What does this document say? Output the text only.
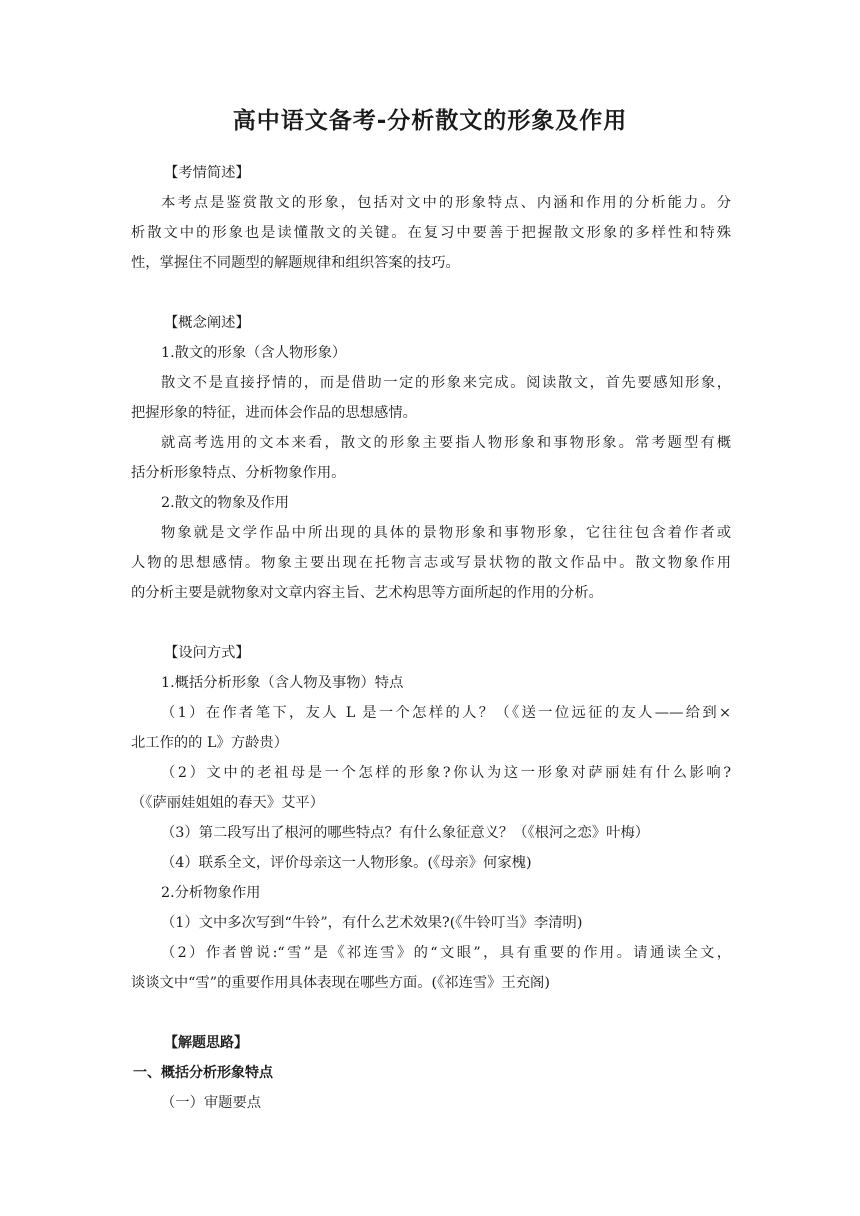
高中语文备考-分析散文的形象及作用
【考情简述】
本考点是鉴赏散文的形象，包括对文中的形象特点、内涵和作用的分析能力。分
析散文中的形象也是读懂散文的关键。在复习中要善于把握散文形象的多样性和特殊
性，掌握住不同题型的解题规律和组织答案的技巧。
【概念阐述】
1.散文的形象（含人物形象）
散文不是直接抒情的，而是借助一定的形象来完成。阅读散文，首先要感知形象，
把握形象的特征，进而体会作品的思想感情。
就高考选用的文本来看，散文的形象主要指人物形象和事物形象。常考题型有概
括分析形象特点、分析物象作用。
2.散文的物象及作用
物象就是文学作品中所出现的具体的景物形象和事物形象，它往往包含着作者或
人物的思想感情。物象主要出现在托物言志或写景状物的散文作品中。散文物象作用
的分析主要是就物象对文章内容主旨、艺术构思等方面所起的作用的分析。
【设问方式】
1.概括分析形象（含人物及事物）特点
（1）在作者笔下，友人 L 是一个怎样的人？（《送一位远征的友人——给到×
北工作的的 L》方龄贵）
（2）文中的老祖母是一个怎样的形象?你认为这一形象对萨丽娃有什么影响?
（《萨丽娃姐姐的春天》艾平）
（3）第二段写出了根河的哪些特点？有什么象征意义？（《根河之恋》叶梅）
（4）联系全文，评价母亲这一人物形象。(《母亲》何家槐)
2.分析物象作用
（1）文中多次写到“牛铃”，有什么艺术效果?(《牛铃叮当》李清明)
（2）作者曾说:“雪”是《祁连雪》的“文眼”，具有重要的作用。请通读全文，
谈谈文中“雪”的重要作用具体表现在哪些方面。(《祁连雪》王充阁)
【解题思路】
一、概括分析形象特点
（一）审题要点
